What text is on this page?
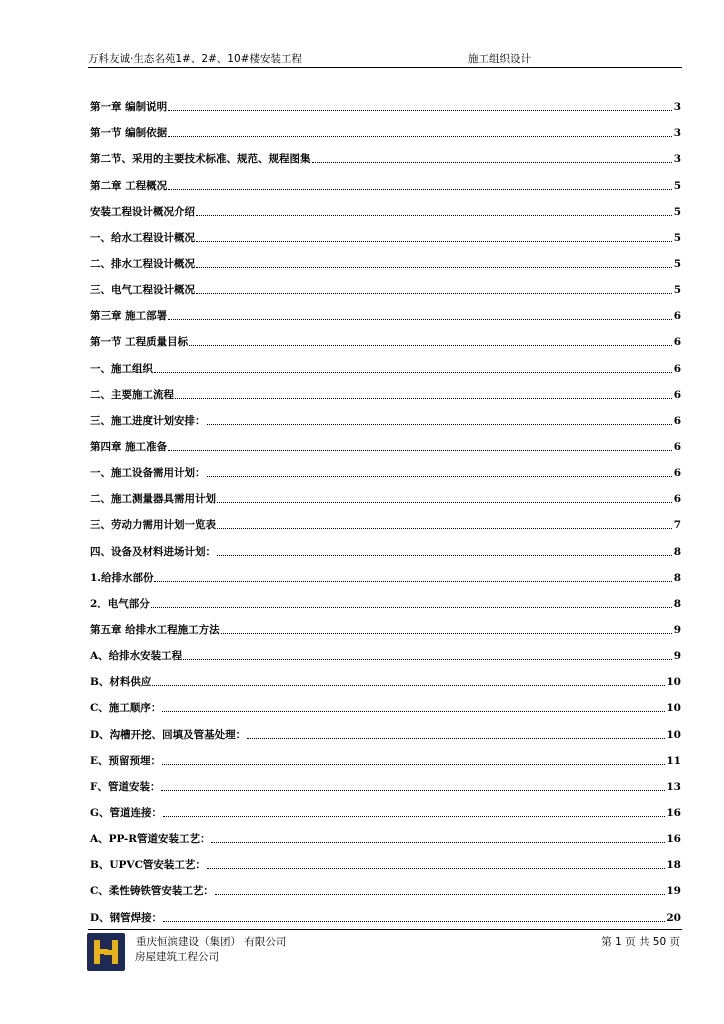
万科友诚·生态名苑1#、2#、10#楼安装工程	施工组织设计
第一章 编制说明	3
第一节 编制依据	3
第二节、采用的主要技术标准、规范、规程图集	3
第二章 工程概况	5
安装工程设计概况介绍	5
一、给水工程设计概况	5
二、排水工程设计概况	5
三、电气工程设计概况	5
第三章 施工部署	6
第一节 工程质量目标	6
一、施工组织	6
二、主要施工流程	6
三、施工进度计划安排：	6
第四章 施工准备	6
一、施工设备需用计划：	6
二、施工测量器具需用计划	6
三、劳动力需用计划一览表	7
四、设备及材料进场计划：	8
1.给排水部份	8
2．电气部分	8
第五章 给排水工程施工方法	9
A、给排水安装工程	9
B、材料供应	10
C、施工顺序：	10
D、沟槽开挖、回填及管基处理：	10
E、预留预埋：	11
F、管道安装：	13
G、管道连接：	16
A、PP-R管道安装工艺：	16
B、UPVC管安装工艺：	18
C、柔性铸铁管安装工艺：	19
D、钢管焊接：	20
重庆恒滨建设（集团） 有限公司
房屋建筑工程公司
第 1 页 共 50 页
